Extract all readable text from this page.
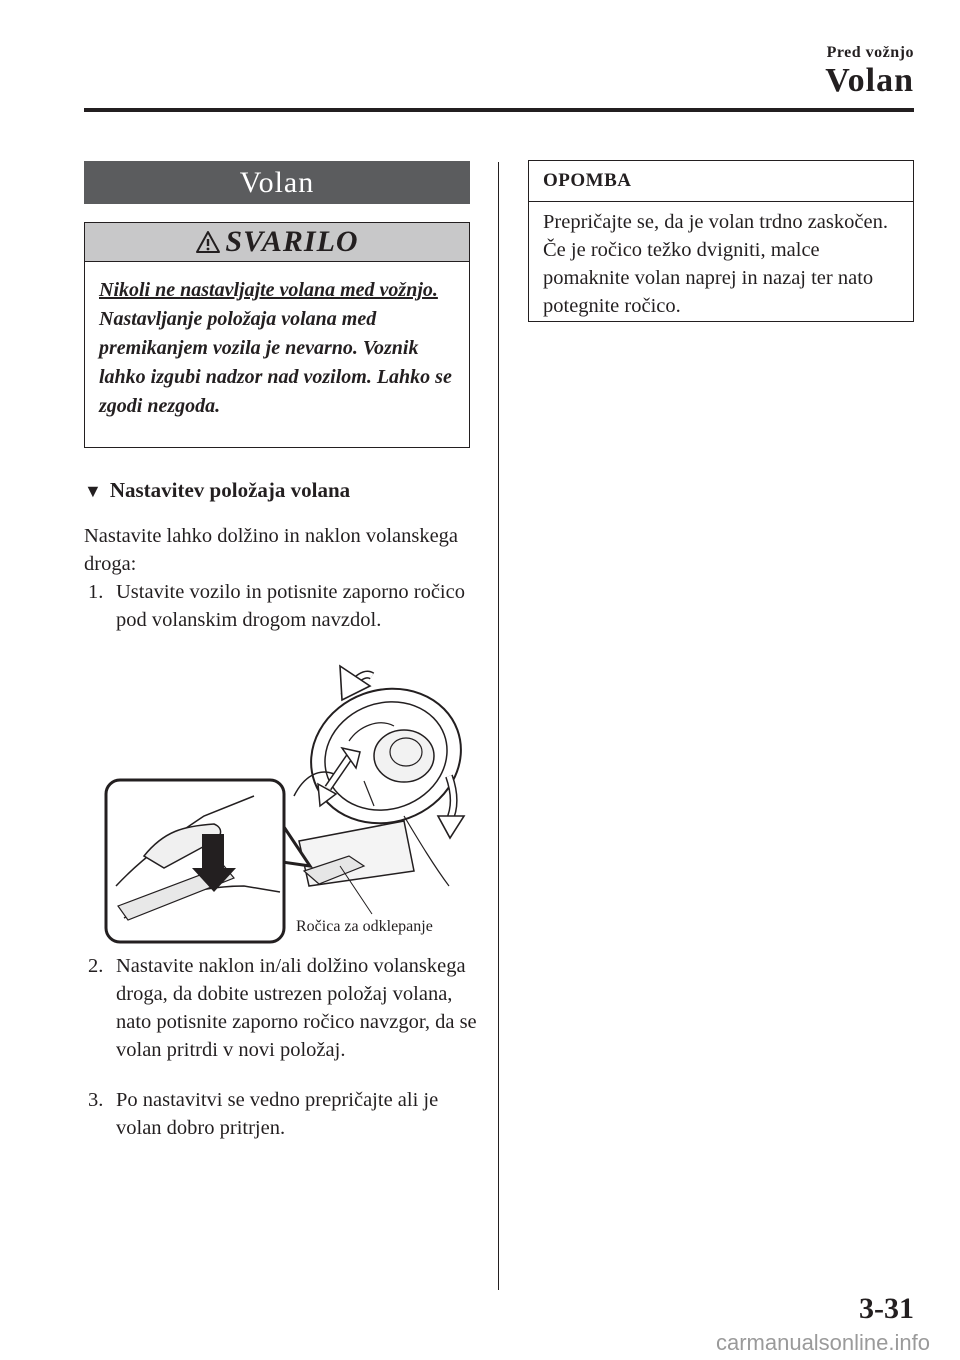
Pred vožnjo
Volan
Volan
SVARILO
Nikoli ne nastavljajte volana med vožnjo.
Nastavljanje položaja volana med premikanjem vozila je nevarno. Voznik lahko izgubi nadzor nad vozilom. Lahko se zgodi nezgoda.
▼ Nastavitev položaja volana
Nastavite lahko dolžino in naklon volanskega droga:
1. Ustavite vozilo in potisnite zaporno ročico pod volanskim drogom navzdol.
Ročica za odklepanje
2. Nastavite naklon in/ali dolžino volanskega droga, da dobite ustrezen položaj volana, nato potisnite zaporno ročico navzgor, da se volan pritrdi v novi položaj.
3. Po nastavitvi se vedno prepričajte ali je volan dobro pritrjen.
OPOMBA
Prepričajte se, da je volan trdno zaskočen. Če je ročico težko dvigniti, malce pomaknite volan naprej in nazaj ter nato potegnite ročico.
3-31
carmanualsonline.info
